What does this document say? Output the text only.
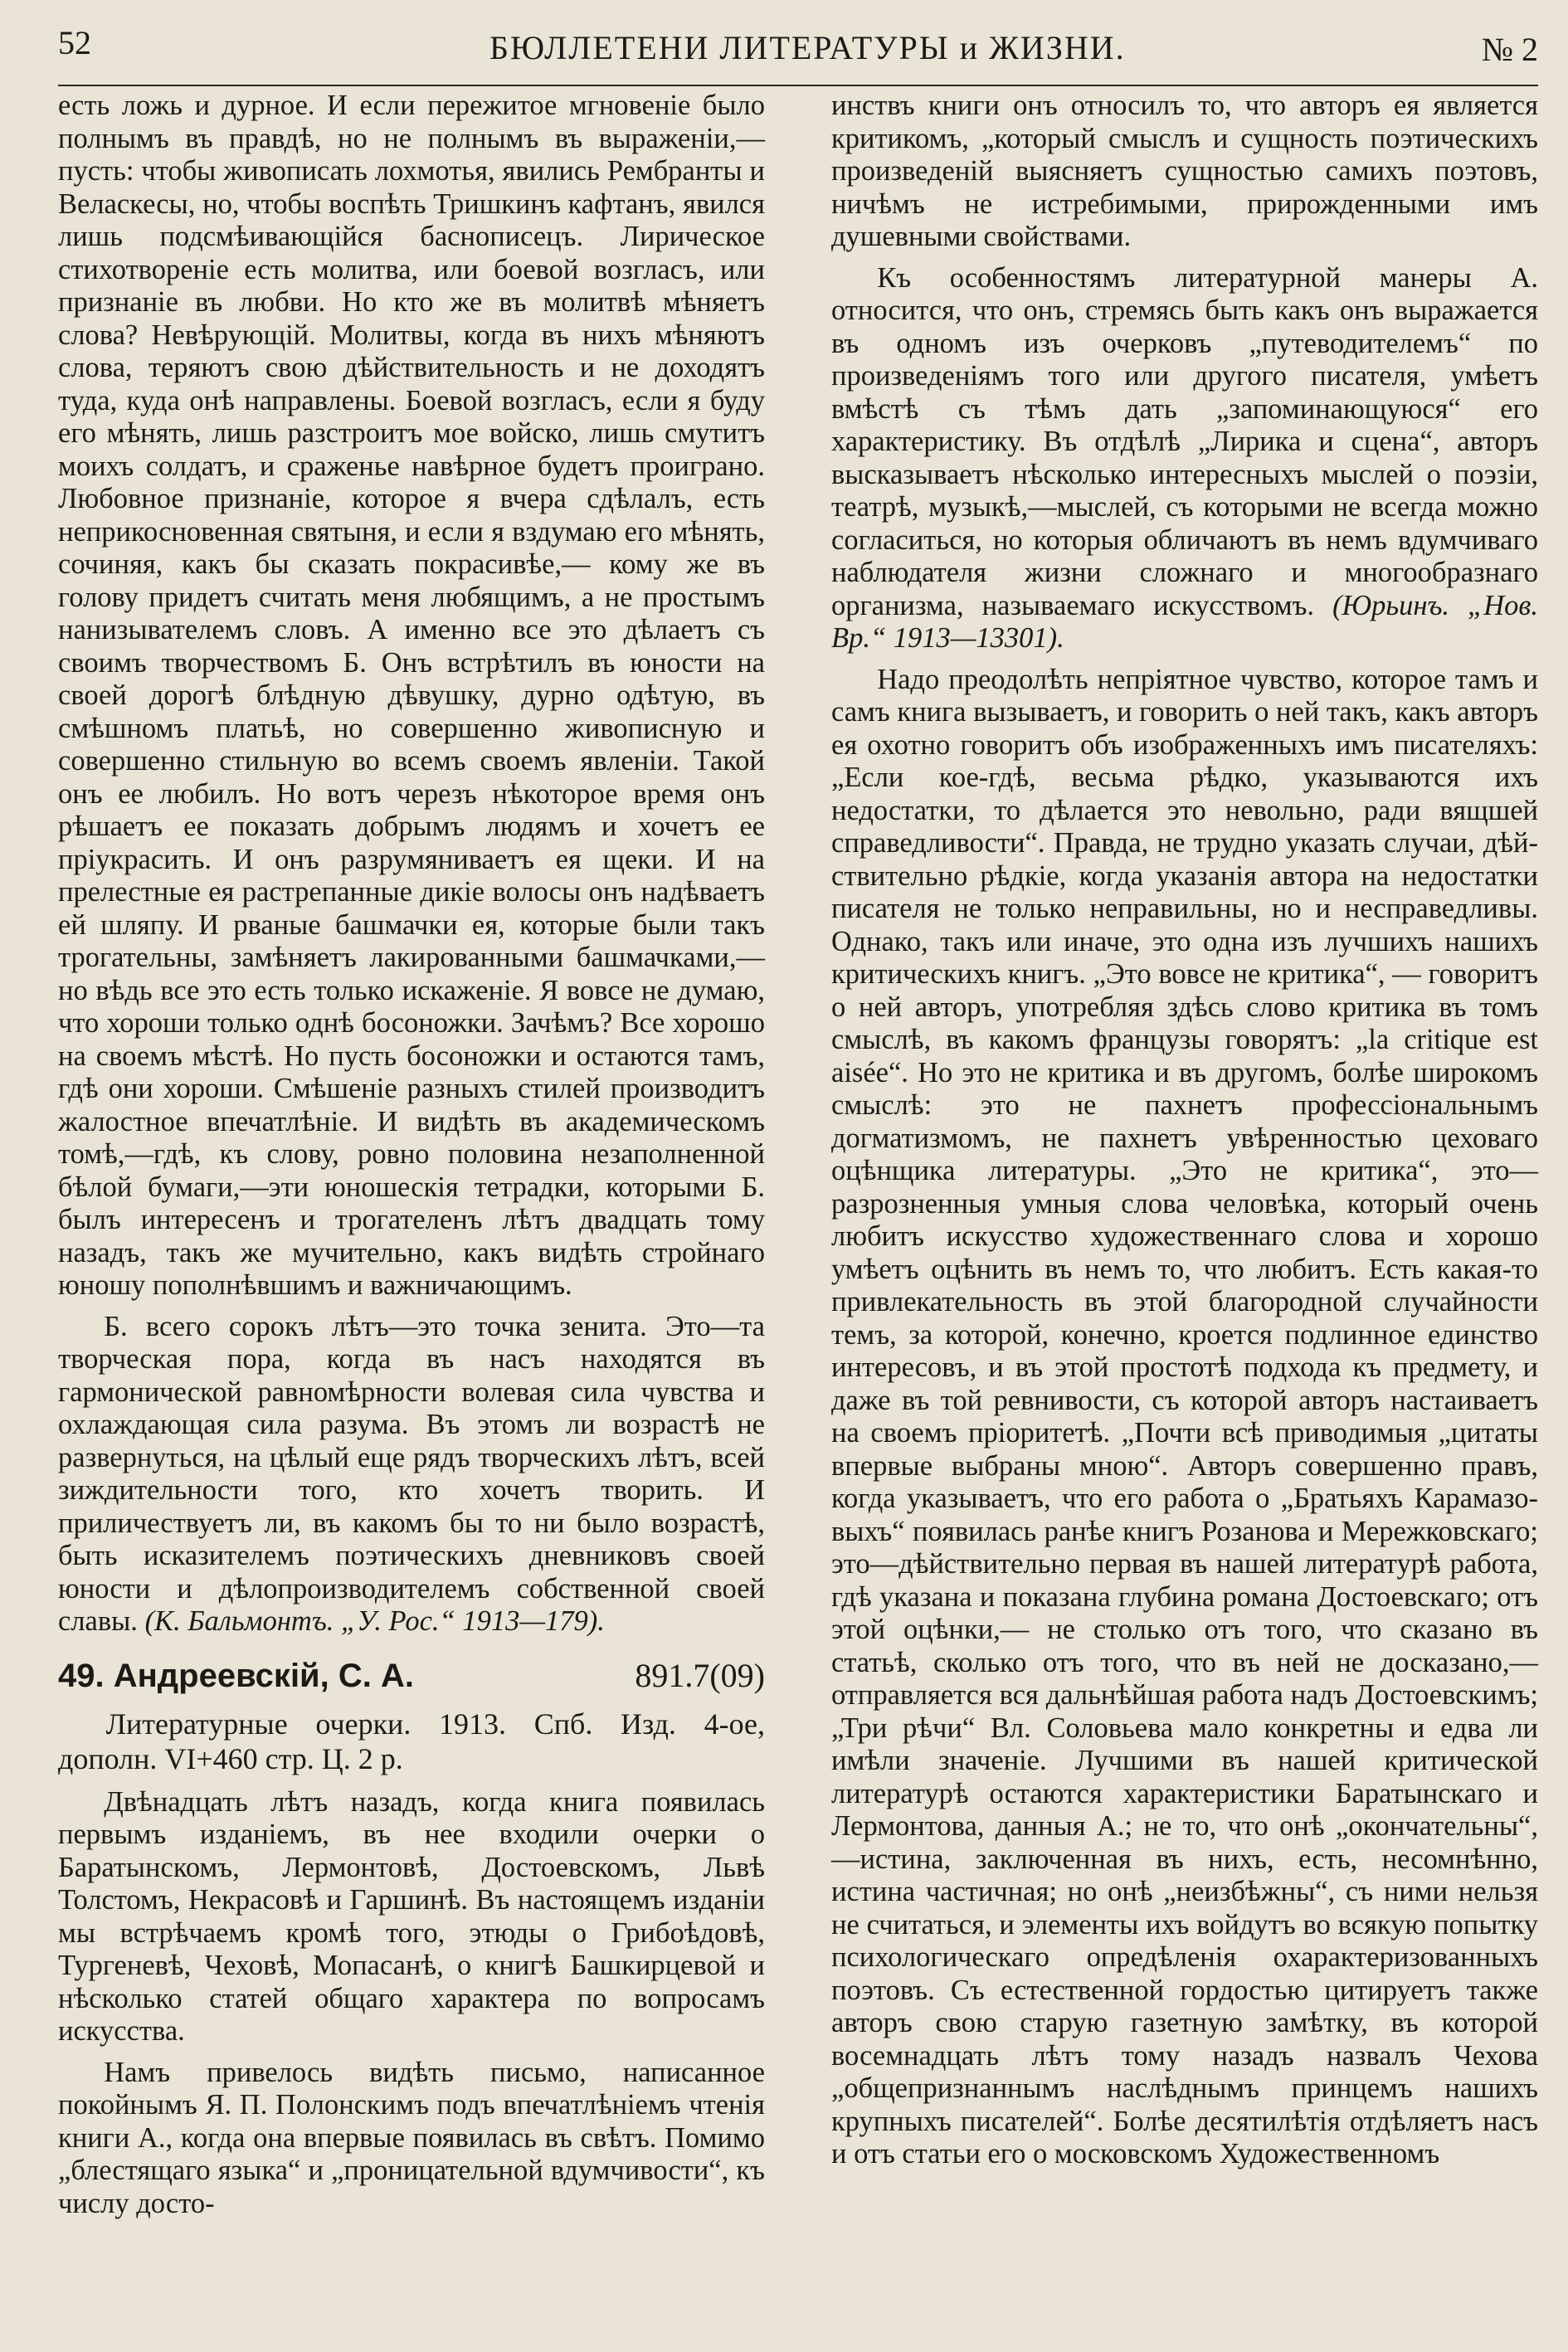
52	БЮЛЛЕТЕНИ ЛИТЕРАТУРЫ и ЖИЗНИ.	№ 2

есть ложь и дурное. И если пережитое мгновеніе было полнымъ въ правдѣ, но не полнымъ въ выраженіи,—пусть: чтобы живописать лохмотья, явились Рембранты и Веласкесы, но, чтобы воспѣть Тришкинъ кафтанъ, явился лишь подсмѣивающійся баснописецъ. Лирическое стихотвореніе есть молитва, или боевой возгласъ, или признаніе въ любви. Но кто же въ молитвѣ мѣняетъ слова? Невѣрующій. Молитвы, когда въ нихъ мѣняютъ слова, теряютъ свою дѣйствительность и не доходятъ туда, куда онѣ направлены. Боевой возгласъ, если я буду его мѣнять, лишь разстроитъ мое войско, лишь смутитъ моихъ солдатъ, и сраженье навѣрное будетъ проиграно. Любовное признаніе, которое я вчера сдѣлалъ, есть неприкосновенная святыня, и если я вздумаю его мѣнять, сочиняя, какъ бы сказать покрасивѣе,— кому же въ голову придетъ считать меня любящимъ, а не простымъ нанизывателемъ словъ. А именно все это дѣлаетъ съ своимъ творчествомъ Б. Онъ встрѣтилъ въ юности на своей дорогѣ блѣдную дѣвушку, дурно одѣтую, въ смѣшномъ платьѣ, но совершенно живописную и совершенно стильную во всемъ своемъ явленіи. Такой онъ ее любилъ. Но вотъ черезъ нѣкоторое время онъ рѣшаетъ ее показать добрымъ людямъ и хочетъ ее пріукрасить. И онъ разрумяниваетъ ея щеки. И на прелестные ея растрепанные дикіе волосы онъ надѣваетъ ей шляпу. И рваные башмачки ея, которые были такъ трогательны, замѣняетъ лакированными башмачками,—но вѣдь все это есть только искаженіе. Я вовсе не думаю, что хороши только однѣ босоножки. Зачѣмъ? Все хорошо на своемъ мѣстѣ. Но пусть босоножки и остаются тамъ, гдѣ они хороши. Смѣшеніе разныхъ стилей производитъ жалостное впечатлѣніе. И видѣть въ академическомъ томѣ,—гдѣ, къ слову, ровно половина незаполненной бѣлой бумаги,—эти юношескія тетрадки, которыми Б. былъ интересенъ и трогателенъ лѣтъ двадцать тому назадъ, такъ же мучительно, какъ видѣть стройнаго юношу пополнѣвшимъ и важничающимъ.

Б. всего сорокъ лѣтъ—это точка зенита. Это—та творческая пора, когда въ насъ находятся въ гармонической равномѣрности волевая сила чувства и охлаждающая сила разума. Въ этомъ ли возрастѣ не развернуться, на цѣлый еще рядъ творческихъ лѣтъ, всей зиждительности того, кто хочетъ творить. И приличествуетъ ли, въ какомъ бы то ни было возрастѣ, быть исказителемъ поэтическихъ дневниковъ своей юности и дѣлопроизводителемъ собственной своей славы. (К. Бальмонтъ. „У. Рос.“ 1913—179).

49. Андреевскій, С. А.	891.7(09)

Литературные очерки. 1913. Спб. Изд. 4-ое, дополн. VI+460 стр. Ц. 2 р.

Двѣнадцать лѣтъ назадъ, когда книга появилась первымъ изданіемъ, въ нее входили очерки о Баратынскомъ, Лермонтовѣ, Достоевскомъ, Львѣ Толстомъ, Некрасовѣ и Гаршинѣ. Въ настоящемъ изданіи мы встрѣчаемъ кромѣ того, этюды о Грибоѣдовѣ, Тургеневѣ, Чеховѣ, Мопасанѣ, о книгѣ Башкирцевой и нѣсколько статей общаго характера по вопросамъ искусства.

Намъ привелось видѣть письмо, написанное покойнымъ Я. П. Полонскимъ подъ впечатлѣніемъ чтенія книги А., когда она впервые появилась въ свѣтъ. Помимо „блестящаго языка“ и „проницательной вдумчивости“, къ числу досто-

инствъ книги онъ относилъ то, что авторъ ея является критикомъ, „который смыслъ и сущность поэтическихъ произведеній выясняетъ сущностью самихъ поэтовъ, ничѣмъ не истребимыми, прирожденными имъ душевными свойствами.

Къ особенностямъ литературной манеры А. относится, что онъ, стремясь быть какъ онъ выражается въ одномъ изъ очерковъ „путеводителемъ“ по произведеніямъ того или другого писателя, умѣетъ вмѣстѣ съ тѣмъ дать „запоминающуюся“ его характеристику. Въ отдѣлѣ „Лирика и сцена“, авторъ высказываетъ нѣсколько интересныхъ мыслей о поэзіи, театрѣ, музыкѣ,—мыслей, съ которыми не всегда можно согласиться, но которыя обличаютъ въ немъ вдумчиваго наблюдателя жизни сложнаго и многообразнаго организма, называемаго искусствомъ. (Юрьинъ. „Нов. Вр.“ 1913—13301).

Надо преодолѣть непріятное чувство, которое тамъ и самъ книга вызываетъ, и говорить о ней такъ, какъ авторъ ея охотно говоритъ объ изображенныхъ имъ писателяхъ: „Если кое-гдѣ, весьма рѣдко, указываются ихъ недостатки, то дѣлается это невольно, ради вящшей справедливости“. Правда, не трудно указать случаи, дѣйствительно рѣдкіе, когда указанія автора на недостатки писателя не только неправильны, но и несправедливы. Однако, такъ или иначе, это одна изъ лучшихъ нашихъ критическихъ книгъ. „Это вовсе не критика“, — говоритъ о ней авторъ, употребляя здѣсь слово критика въ томъ смыслѣ, въ какомъ французы говорятъ: „la critique est aisée“. Но это не критика и въ другомъ, болѣе широкомъ смыслѣ: это не пахнетъ профессіональнымъ догматизмомъ, не пахнетъ увѣренностью цеховаго оцѣнщика литературы. „Это не критика“, это—разрозненныя умныя слова человѣка, который очень любитъ искусство художественнаго слова и хорошо умѣетъ оцѣнить въ немъ то, что любитъ. Есть какая-то привлекательность въ этой благородной случайности темъ, за которой, конечно, кроется подлинное единство интересовъ, и въ этой простотѣ подхода къ предмету, и даже въ той ревнивости, съ которой авторъ настаиваетъ на своемъ пріоритетѣ. „Почти всѣ приводимыя „цитаты впервые выбраны мною“. Авторъ совершенно правъ, когда указываетъ, что его работа о „Братьяхъ Карамазовыхъ“ появилась ранѣе книгъ Розанова и Мережковскаго; это—дѣйствительно первая въ нашей литературѣ работа, гдѣ указана и показана глубина романа Достоевскаго; отъ этой оцѣнки,— не столько отъ того, что сказано въ статьѣ, сколько отъ того, что въ ней не досказано,— отправляется вся дальнѣйшая работа надъ Достоевскимъ; „Три рѣчи“ Вл. Соловьева мало конкретны и едва ли имѣли значеніе. Лучшими въ нашей критической литературѣ остаются характеристики Баратынскаго и Лермонтова, данныя А.; не то, что онѣ „окончательны“,—истина, заключенная въ нихъ, есть, несомнѣнно, истина частичная; но онѣ „неизбѣжны“, съ ними нельзя не считаться, и элементы ихъ войдутъ во всякую попытку психологическаго опредѣленія охарактеризованныхъ поэтовъ. Съ естественной гордостью цитируетъ также авторъ свою старую газетную замѣтку, въ которой восемнадцать лѣтъ тому назадъ назвалъ Чехова „общепризнаннымъ наслѣднымъ принцемъ нашихъ крупныхъ писателей“. Болѣе десятилѣтія отдѣляетъ насъ и отъ статьи его о московскомъ Художественномъ
